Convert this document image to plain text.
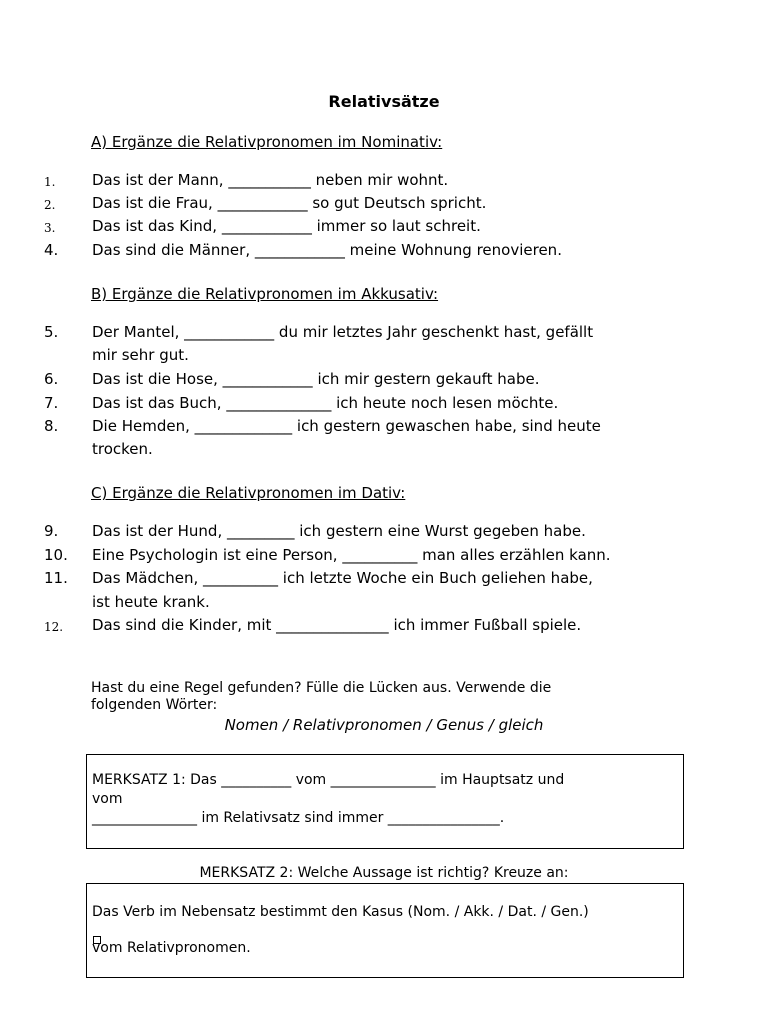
Relativsätze
A) Ergänze die Relativpronomen im Nominativ:
1. Das ist der Mann, ___________ neben mir wohnt.
2. Das ist die Frau, ____________ so gut Deutsch spricht.
3. Das ist das Kind, ____________ immer so laut schreit.
4. Das sind die Männer, ____________ meine Wohnung renovieren.
B) Ergänze die Relativpronomen im Akkusativ:
5. Der Mantel, ____________ du mir letztes Jahr geschenkt hast, gefällt
mir sehr gut.
6. Das ist die Hose, ____________ ich mir gestern gekauft habe.
7. Das ist das Buch, ______________ ich heute noch lesen möchte.
8. Die Hemden, _____________ ich gestern gewaschen habe, sind heute
trocken.
C) Ergänze die Relativpronomen im Dativ:
9. Das ist der Hund, _________ ich gestern eine Wurst gegeben habe.
10. Eine Psychologin ist eine Person, __________ man alles erzählen kann.
11. Das Mädchen, __________ ich letzte Woche ein Buch geliehen habe,
ist heute krank.
12. Das sind die Kinder, mit _______________ ich immer Fußball spiele.
Hast du eine Regel gefunden? Fülle die Lücken aus. Verwende die
folgenden Wörter:
Nomen / Relativpronomen / Genus / gleich
MERKSATZ 1: Das __________ vom _______________ im Hauptsatz und
vom
_______________ im Relativsatz sind immer ________________.
MERKSATZ 2: Welche Aussage ist richtig? Kreuze an:
Das Verb im Nebensatz bestimmt den Kasus (Nom. / Akk. / Dat. / Gen.)
vom Relativpronomen.
